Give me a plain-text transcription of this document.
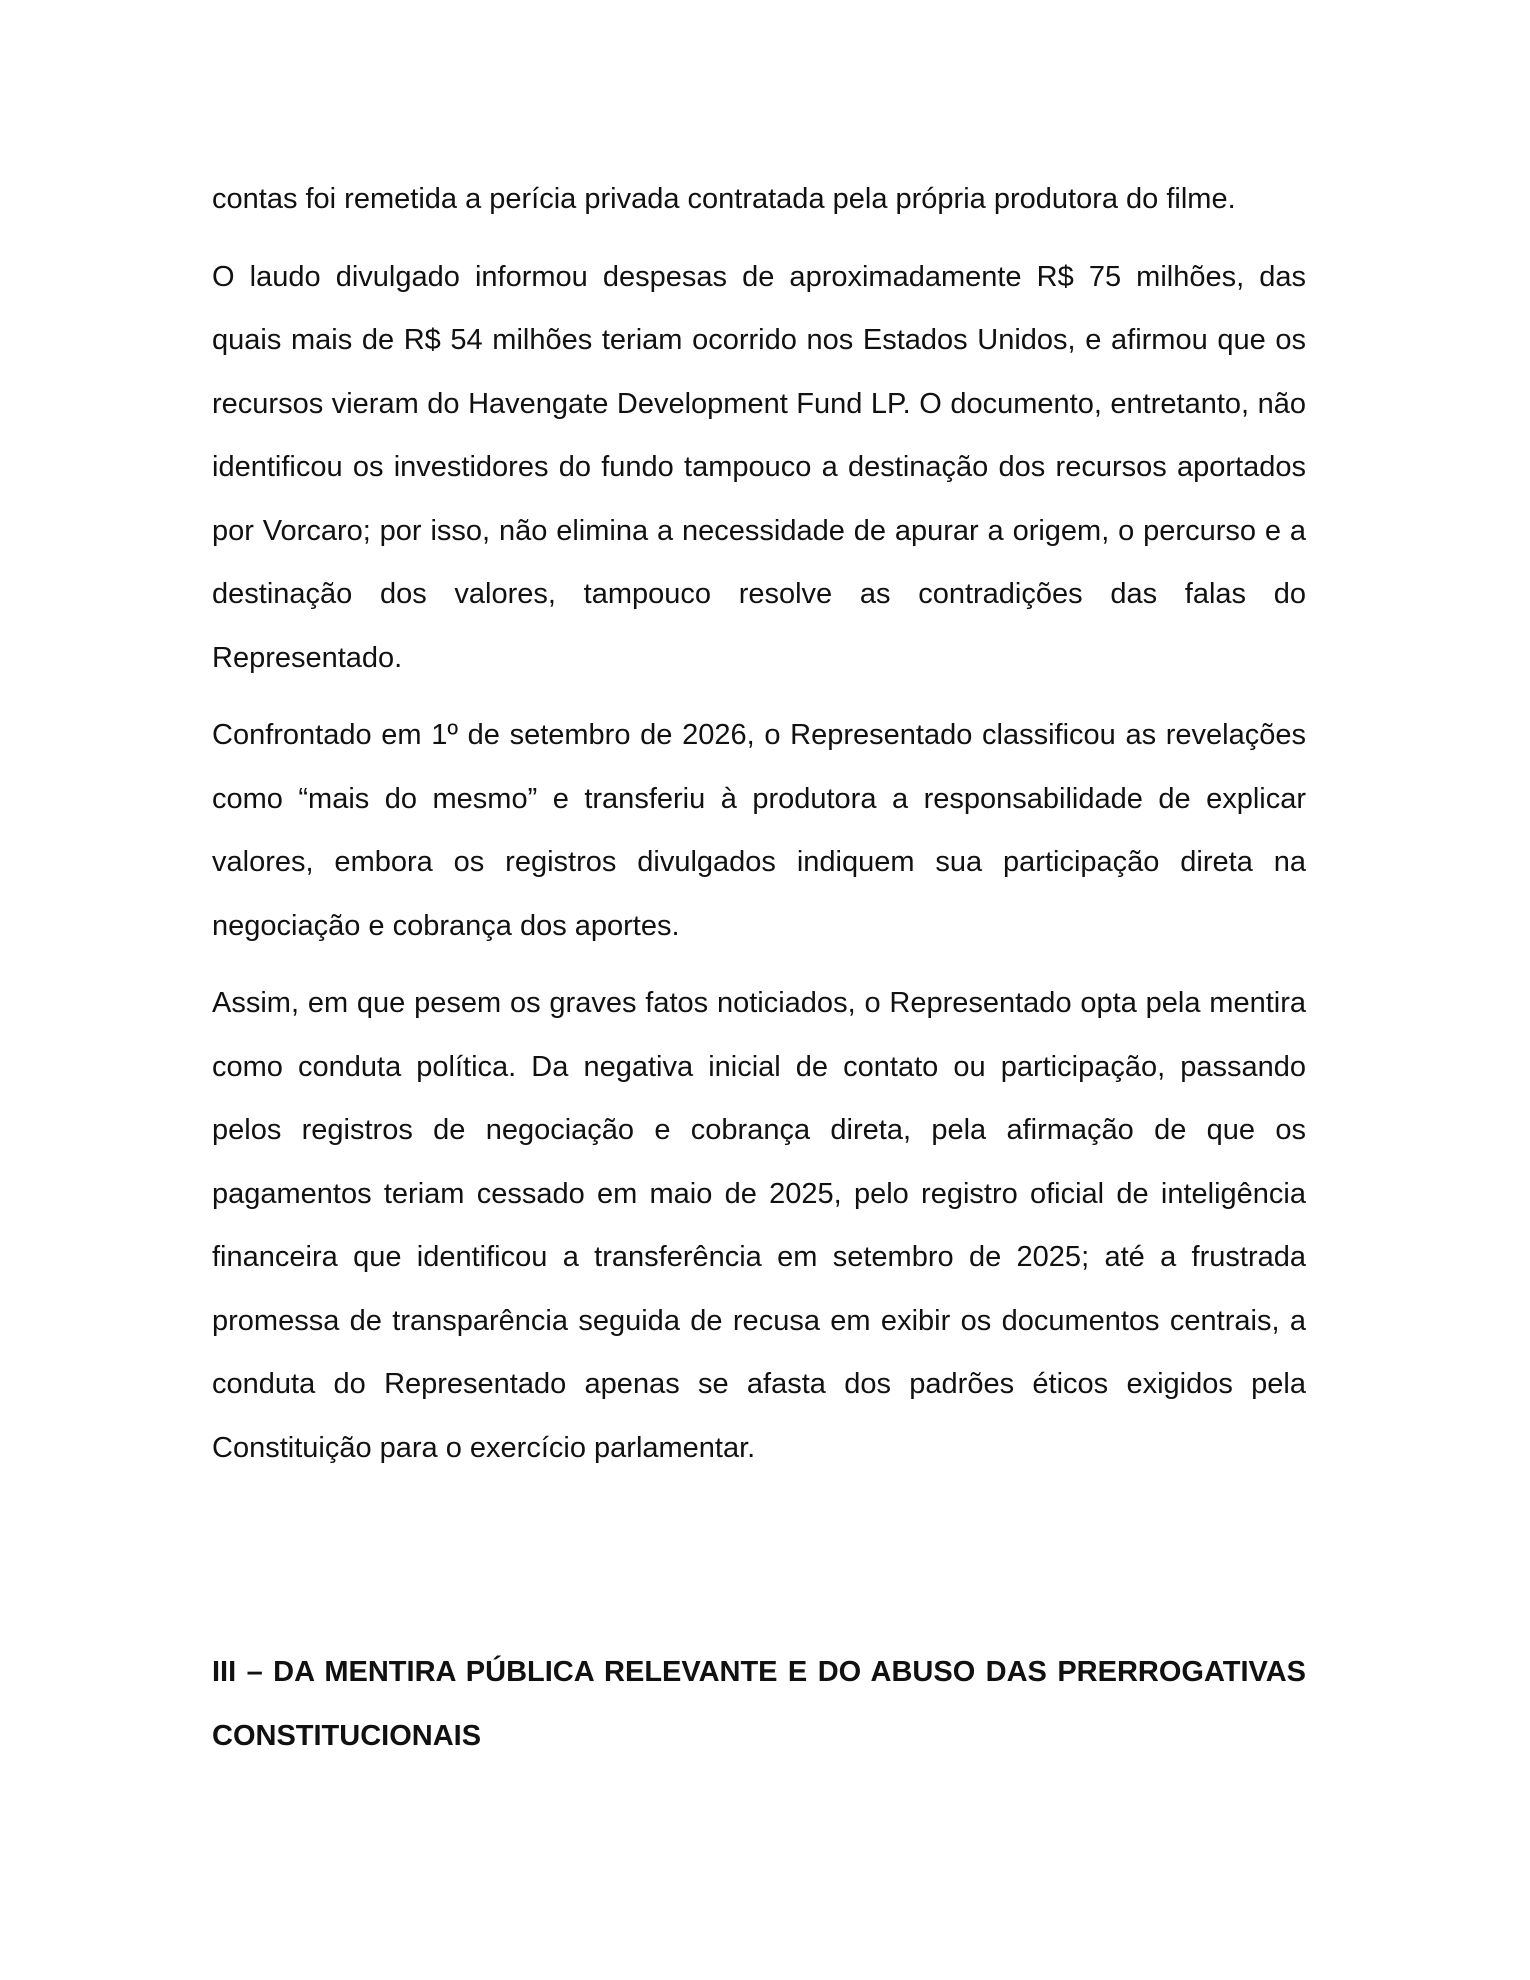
contas foi remetida a perícia privada contratada pela própria produtora do filme.

O laudo divulgado informou despesas de aproximadamente R$ 75 milhões, das quais mais de R$ 54 milhões teriam ocorrido nos Estados Unidos, e afirmou que os recursos vieram do Havengate Development Fund LP. O documento, entretanto, não identificou os investidores do fundo tampouco a destinação dos recursos aportados por Vorcaro; por isso, não elimina a necessidade de apurar a origem, o percurso e a destinação dos valores, tampouco resolve as contradições das falas do Representado.

Confrontado em 1º de setembro de 2026, o Representado classificou as revelações como “mais do mesmo” e transferiu à produtora a responsabilidade de explicar valores, embora os registros divulgados indiquem sua participação direta na negociação e cobrança dos aportes.

Assim, em que pesem os graves fatos noticiados, o Representado opta pela mentira como conduta política. Da negativa inicial de contato ou participação, passando pelos registros de negociação e cobrança direta, pela afirmação de que os pagamentos teriam cessado em maio de 2025, pelo registro oficial de inteligência financeira que identificou a transferência em setembro de 2025; até a frustrada promessa de transparência seguida de recusa em exibir os documentos centrais, a conduta do Representado apenas se afasta dos padrões éticos exigidos pela Constituição para o exercício parlamentar.

III – DA MENTIRA PÚBLICA RELEVANTE E DO ABUSO DAS PRERROGATIVAS CONSTITUCIONAIS
